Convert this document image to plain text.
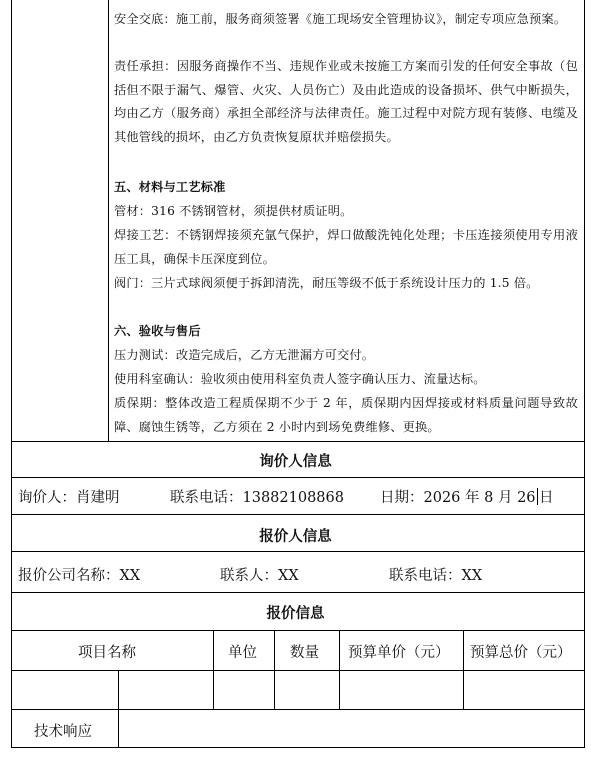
安全交底：施工前，服务商须签署《施工现场安全管理协议》，制定专项应急预案。

责任承担：因服务商操作不当、违规作业或未按施工方案而引发的任何安全事故（包括但不限于漏气、爆管、火灾、人员伤亡）及由此造成的设备损坏、供气中断损失，均由乙方（服务商）承担全部经济与法律责任。施工过程中对院方现有装修、电缆及其他管线的损坏，由乙方负责恢复原状并赔偿损失。

五、材料与工艺标准

管材：316 不锈钢管材，须提供材质证明。

焊接工艺：不锈钢焊接须充氩气保护，焊口做酸洗钝化处理；卡压连接须使用专用液压工具，确保卡压深度到位。

阀门：三片式球阀须便于拆卸清洗，耐压等级不低于系统设计压力的 1.5 倍。

六、验收与售后

压力测试：改造完成后，乙方无泄漏方可交付。

使用科室确认：验收须由使用科室负责人签字确认压力、流量达标。

质保期：整体改造工程质保期不少于 2 年，质保期内因焊接或材料质量问题导致故障、腐蚀生锈等，乙方须在 2 小时内到场免费维修、更换。

询价人信息
询价人：肖建明	联系电话：13882108868 日期：2026 年 8 月 26 日
报价人信息
报价公司名称：XX	联系人：XX	联系电话：XX
报价信息
项目名称	单位 数量 预算单价（元） 预算总价（元）
技术响应
